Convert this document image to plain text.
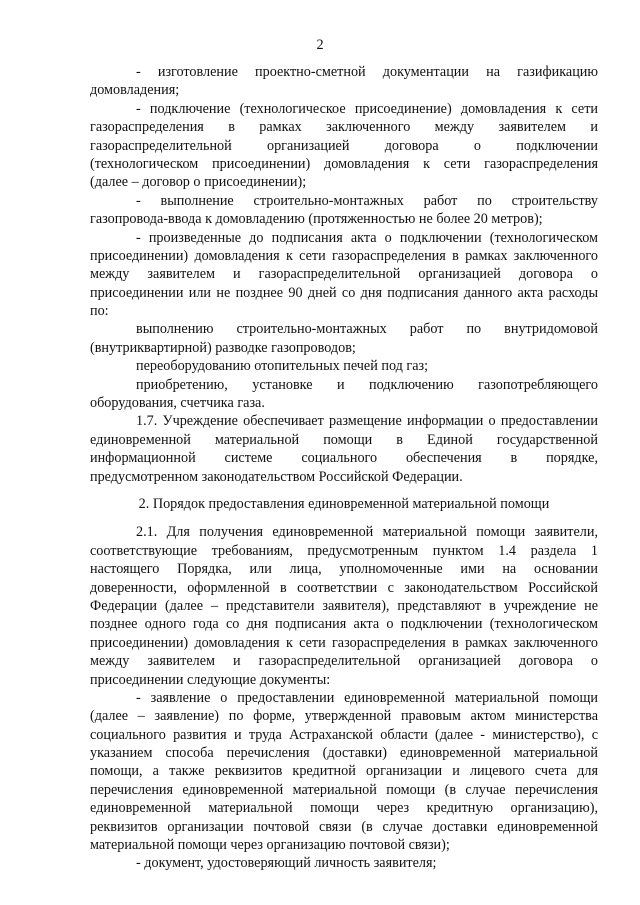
2
- изготовление проектно-сметной документации на газификацию
домовладения;
- подключение (технологическое присоединение) домовладения к сети
газораспределения в рамках заключенного между заявителем и
газораспределительной организацией договора о подключении
(технологическом присоединении) домовладения к сети газораспределения
(далее – договор о присоединении);
- выполнение строительно-монтажных работ по строительству
газопровода-ввода к домовладению (протяженностью не более 20 метров);
- произведенные до подписания акта о подключении (технологическом
присоединении) домовладения к сети газораспределения в рамках заключенного
между заявителем и газораспределительной организацией договора о
присоединении или не позднее 90 дней со дня подписания данного акта расходы
по:
выполнению строительно-монтажных работ по внутридомовой
(внутриквартирной) разводке газопроводов;
переоборудованию отопительных печей под газ;
приобретению, установке и подключению газопотребляющего
оборудования, счетчика газа.
1.7. Учреждение обеспечивает размещение информации о предоставлении
единовременной материальной помощи в Единой государственной
информационной системе социального обеспечения в порядке,
предусмотренном законодательством Российской Федерации.
2. Порядок предоставления единовременной материальной помощи
2.1. Для получения единовременной материальной помощи заявители,
соответствующие требованиям, предусмотренным пунктом 1.4 раздела 1
настоящего Порядка, или лица, уполномоченные ими на основании
доверенности, оформленной в соответствии с законодательством Российской
Федерации (далее – представители заявителя), представляют в учреждение не
позднее одного года со дня подписания акта о подключении (технологическом
присоединении) домовладения к сети газораспределения в рамках заключенного
между заявителем и газораспределительной организацией договора о
присоединении следующие документы:
- заявление о предоставлении единовременной материальной помощи
(далее – заявление) по форме, утвержденной правовым актом министерства
социального развития и труда Астраханской области (далее - министерство), с
указанием способа перечисления (доставки) единовременной материальной
помощи, а также реквизитов кредитной организации и лицевого счета для
перечисления единовременной материальной помощи (в случае перечисления
единовременной материальной помощи через кредитную организацию),
реквизитов организации почтовой связи (в случае доставки единовременной
материальной помощи через организацию почтовой связи);
- документ, удостоверяющий личность заявителя;
